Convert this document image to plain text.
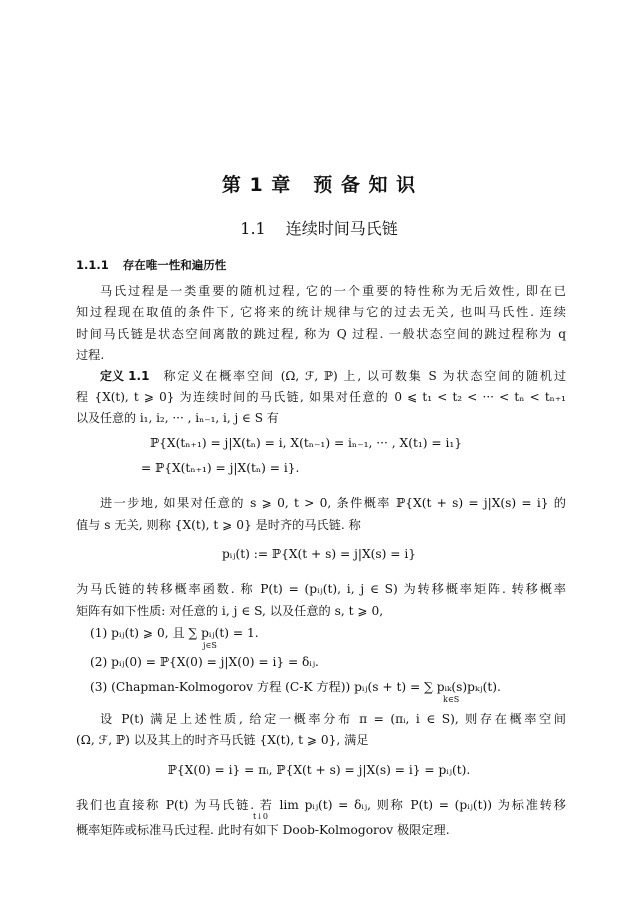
第 1 章 预 备 知 识
1.1 连续时间马氏链
1.1.1 存在唯一性和遍历性
马氏过程是一类重要的随机过程, 它的一个重要的特性称为无后效性, 即在已
知过程现在取值的条件下, 它将来的统计规律与它的过去无关, 也叫马氏性. 连续
时间马氏链是状态空间离散的跳过程, 称为 Q 过程. 一般状态空间的跳过程称为 q
过程.
定义 1.1 称定义在概率空间 (Ω, ℱ, ℙ) 上, 以可数集 S 为状态空间的随机过
程 {X(t), t ⩾ 0} 为连续时间的马氏链, 如果对任意的 0 ⩽ t₁ < t₂ < ··· < tₙ < tₙ₊₁
以及任意的 i₁, i₂, ··· , iₙ₋₁, i, j ∈ S 有
ℙ{X(tₙ₊₁) = j|X(tₙ) = i, X(tₙ₋₁) = iₙ₋₁, ··· , X(t₁) = i₁}
= ℙ{X(tₙ₊₁) = j|X(tₙ) = i}.
进一步地, 如果对任意的 s ⩾ 0, t > 0, 条件概率 ℙ{X(t + s) = j|X(s) = i} 的
值与 s 无关, 则称 {X(t), t ⩾ 0} 是时齐的马氏链. 称
pᵢⱼ(t) := ℙ{X(t + s) = j|X(s) = i}
为马氏链的转移概率函数. 称 P(t) = (pᵢⱼ(t), i, j ∈ S) 为转移概率矩阵. 转移概率
矩阵有如下性质: 对任意的 i, j ∈ S, 以及任意的 s, t ⩾ 0,
(1) pᵢⱼ(t) ⩾ 0, 且 ∑ pᵢⱼ(t) = 1.
j∈S
(2) pᵢⱼ(0) = ℙ{X(0) = j|X(0) = i} = δᵢⱼ.
(3) (Chapman-Kolmogorov 方程 (C-K 方程)) pᵢⱼ(s + t) = ∑ pᵢₖ(s)pₖⱼ(t).
k∈S
设 P(t) 满足上述性质, 给定一概率分布 π = (πᵢ, i ∈ S), 则存在概率空间
(Ω, ℱ, ℙ) 以及其上的时齐马氏链 {X(t), t ⩾ 0}, 满足
ℙ{X(0) = i} = πᵢ, ℙ{X(t + s) = j|X(s) = i} = pᵢⱼ(t).
我们也直接称 P(t) 为马氏链. 若 lim pᵢⱼ(t) = δᵢⱼ, 则称 P(t) = (pᵢⱼ(t)) 为标准转移
t↓0
概率矩阵或标准马氏过程. 此时有如下 Doob-Kolmogorov 极限定理.
